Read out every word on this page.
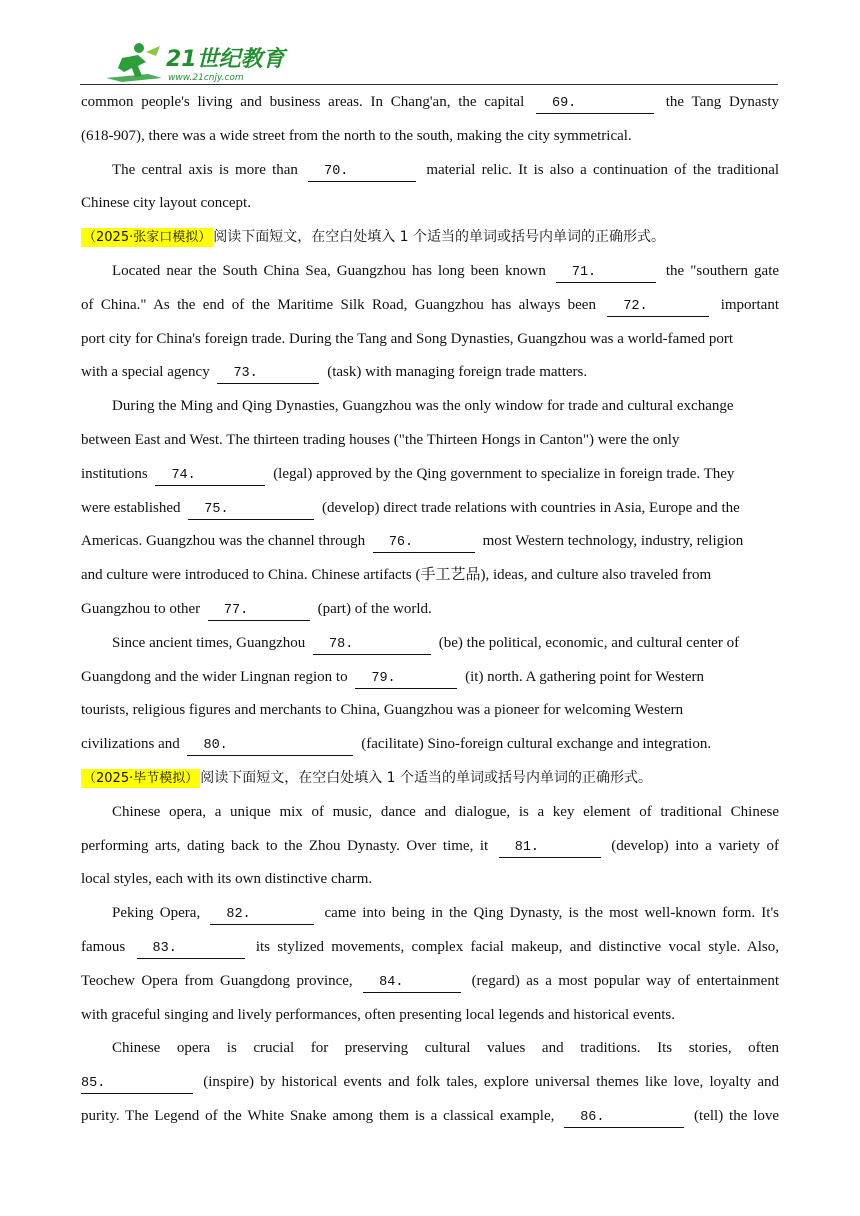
21世纪教育
www.21cnjy.com
common people's living and business areas. In Chang'an, the capital 69.	the Tang Dynasty
(618-907), there was a wide street from the north to the south, making the city symmetrical.
The central axis is more than 70.	material relic. It is also a continuation of the traditional
Chinese city layout concept.
（2025·张家口模拟） 阅读下面短文，在空白处填入 1 个适当的单词或括号内单词的正确形式。
Located near the South China Sea, Guangzhou has long been known 71.	the "southern gate
of China." As the end of the Maritime Silk Road, Guangzhou has always been 72.	important
port city for China's foreign trade. During the Tang and Song Dynasties, Guangzhou was a world-famed port
with a special agency 73.	(task) with managing foreign trade matters.
During the Ming and Qing Dynasties, Guangzhou was the only window for trade and cultural exchange
between East and West. The thirteen trading houses ("the Thirteen Hongs in Canton") were the only
institutions 74.	(legal) approved by the Qing government to specialize in foreign trade. They
were established 75.	(develop) direct trade relations with countries in Asia, Europe and the
Americas. Guangzhou was the channel through 76.	most Western technology, industry, religion
and culture were introduced to China. Chinese artifacts (手工艺品), ideas, and culture also traveled from
Guangzhou to other 77.	(part) of the world.
Since ancient times, Guangzhou 78.	(be) the political, economic, and cultural center of
Guangdong and the wider Lingnan region to 79.	(it) north. A gathering point for Western
tourists, religious figures and merchants to China, Guangzhou was a pioneer for welcoming Western
civilizations and 80.	(facilitate) Sino-foreign cultural exchange and integration.
（2025·毕节模拟） 阅读下面短文，在空白处填入 1 个适当的单词或括号内单词的正确形式。
Chinese opera, a unique mix of music, dance and dialogue, is a key element of traditional Chinese
performing arts, dating back to the Zhou Dynasty. Over time, it 81.	(develop) into a variety of
local styles, each with its own distinctive charm.
Peking Opera, 82.	came into being in the Qing Dynasty, is the most well-known form. It's
famous 83.	its stylized movements, complex facial makeup, and distinctive vocal style. Also,
Teochew Opera from Guangdong province, 84.	(regard) as a most popular way of entertainment
with graceful singing and lively performances, often presenting local legends and historical events.
Chinese opera is crucial for preserving cultural values and traditions. Its stories, often
85.	(inspire) by historical events and folk tales, explore universal themes like love, loyalty and
purity. The Legend of the White Snake among them is a classical example, 86.	(tell) the love
